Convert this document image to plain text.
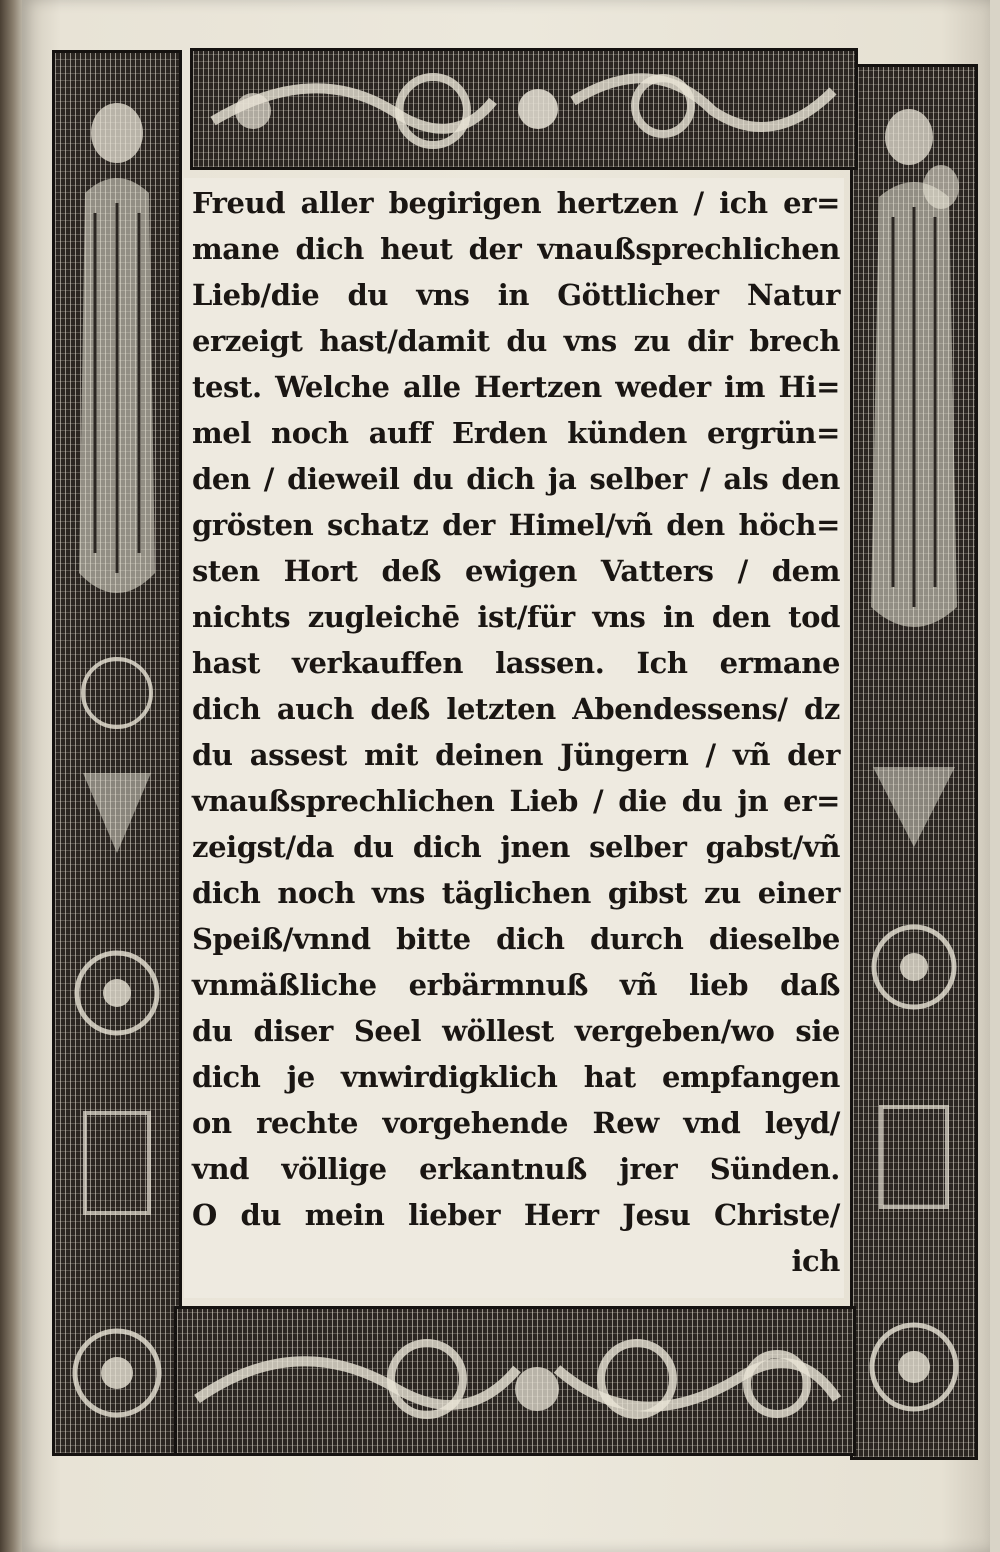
Freud aller begirigen hertzen / ich er=
mane dich heut der vnaußsprechlichen
Lieb/die du vns in Göttlicher Natur
erzeigt hast/damit du vns zu dir brech
test. Welche alle Hertzen weder im Hi=
mel noch auff Erden künden ergrün=
den / dieweil du dich ja selber / als den
grösten schatz der Himel/vñ den höch=
sten Hort deß ewigen Vatters / dem
nichts zugleichē ist/für vns in den tod
hast verkauffen lassen. Ich ermane
dich auch deß letzten Abendessens/ dz
du assest mit deinen Jüngern / vñ der
vnaußsprechlichen Lieb / die du jn er=
zeigst/da du dich jnen selber gabst/vñ
dich noch vns täglichen gibst zu einer
Speiß/vnnd bitte dich durch dieselbe
vnmäßliche erbärmnuß vñ lieb daß
du diser Seel wöllest vergeben/wo sie
dich je vnwirdigklich hat empfangen
on rechte vorgehende Rew vnd leyd/
vnd völlige erkantnuß jrer Sünden.
O du mein lieber Herr Jesu Christe/
ich
